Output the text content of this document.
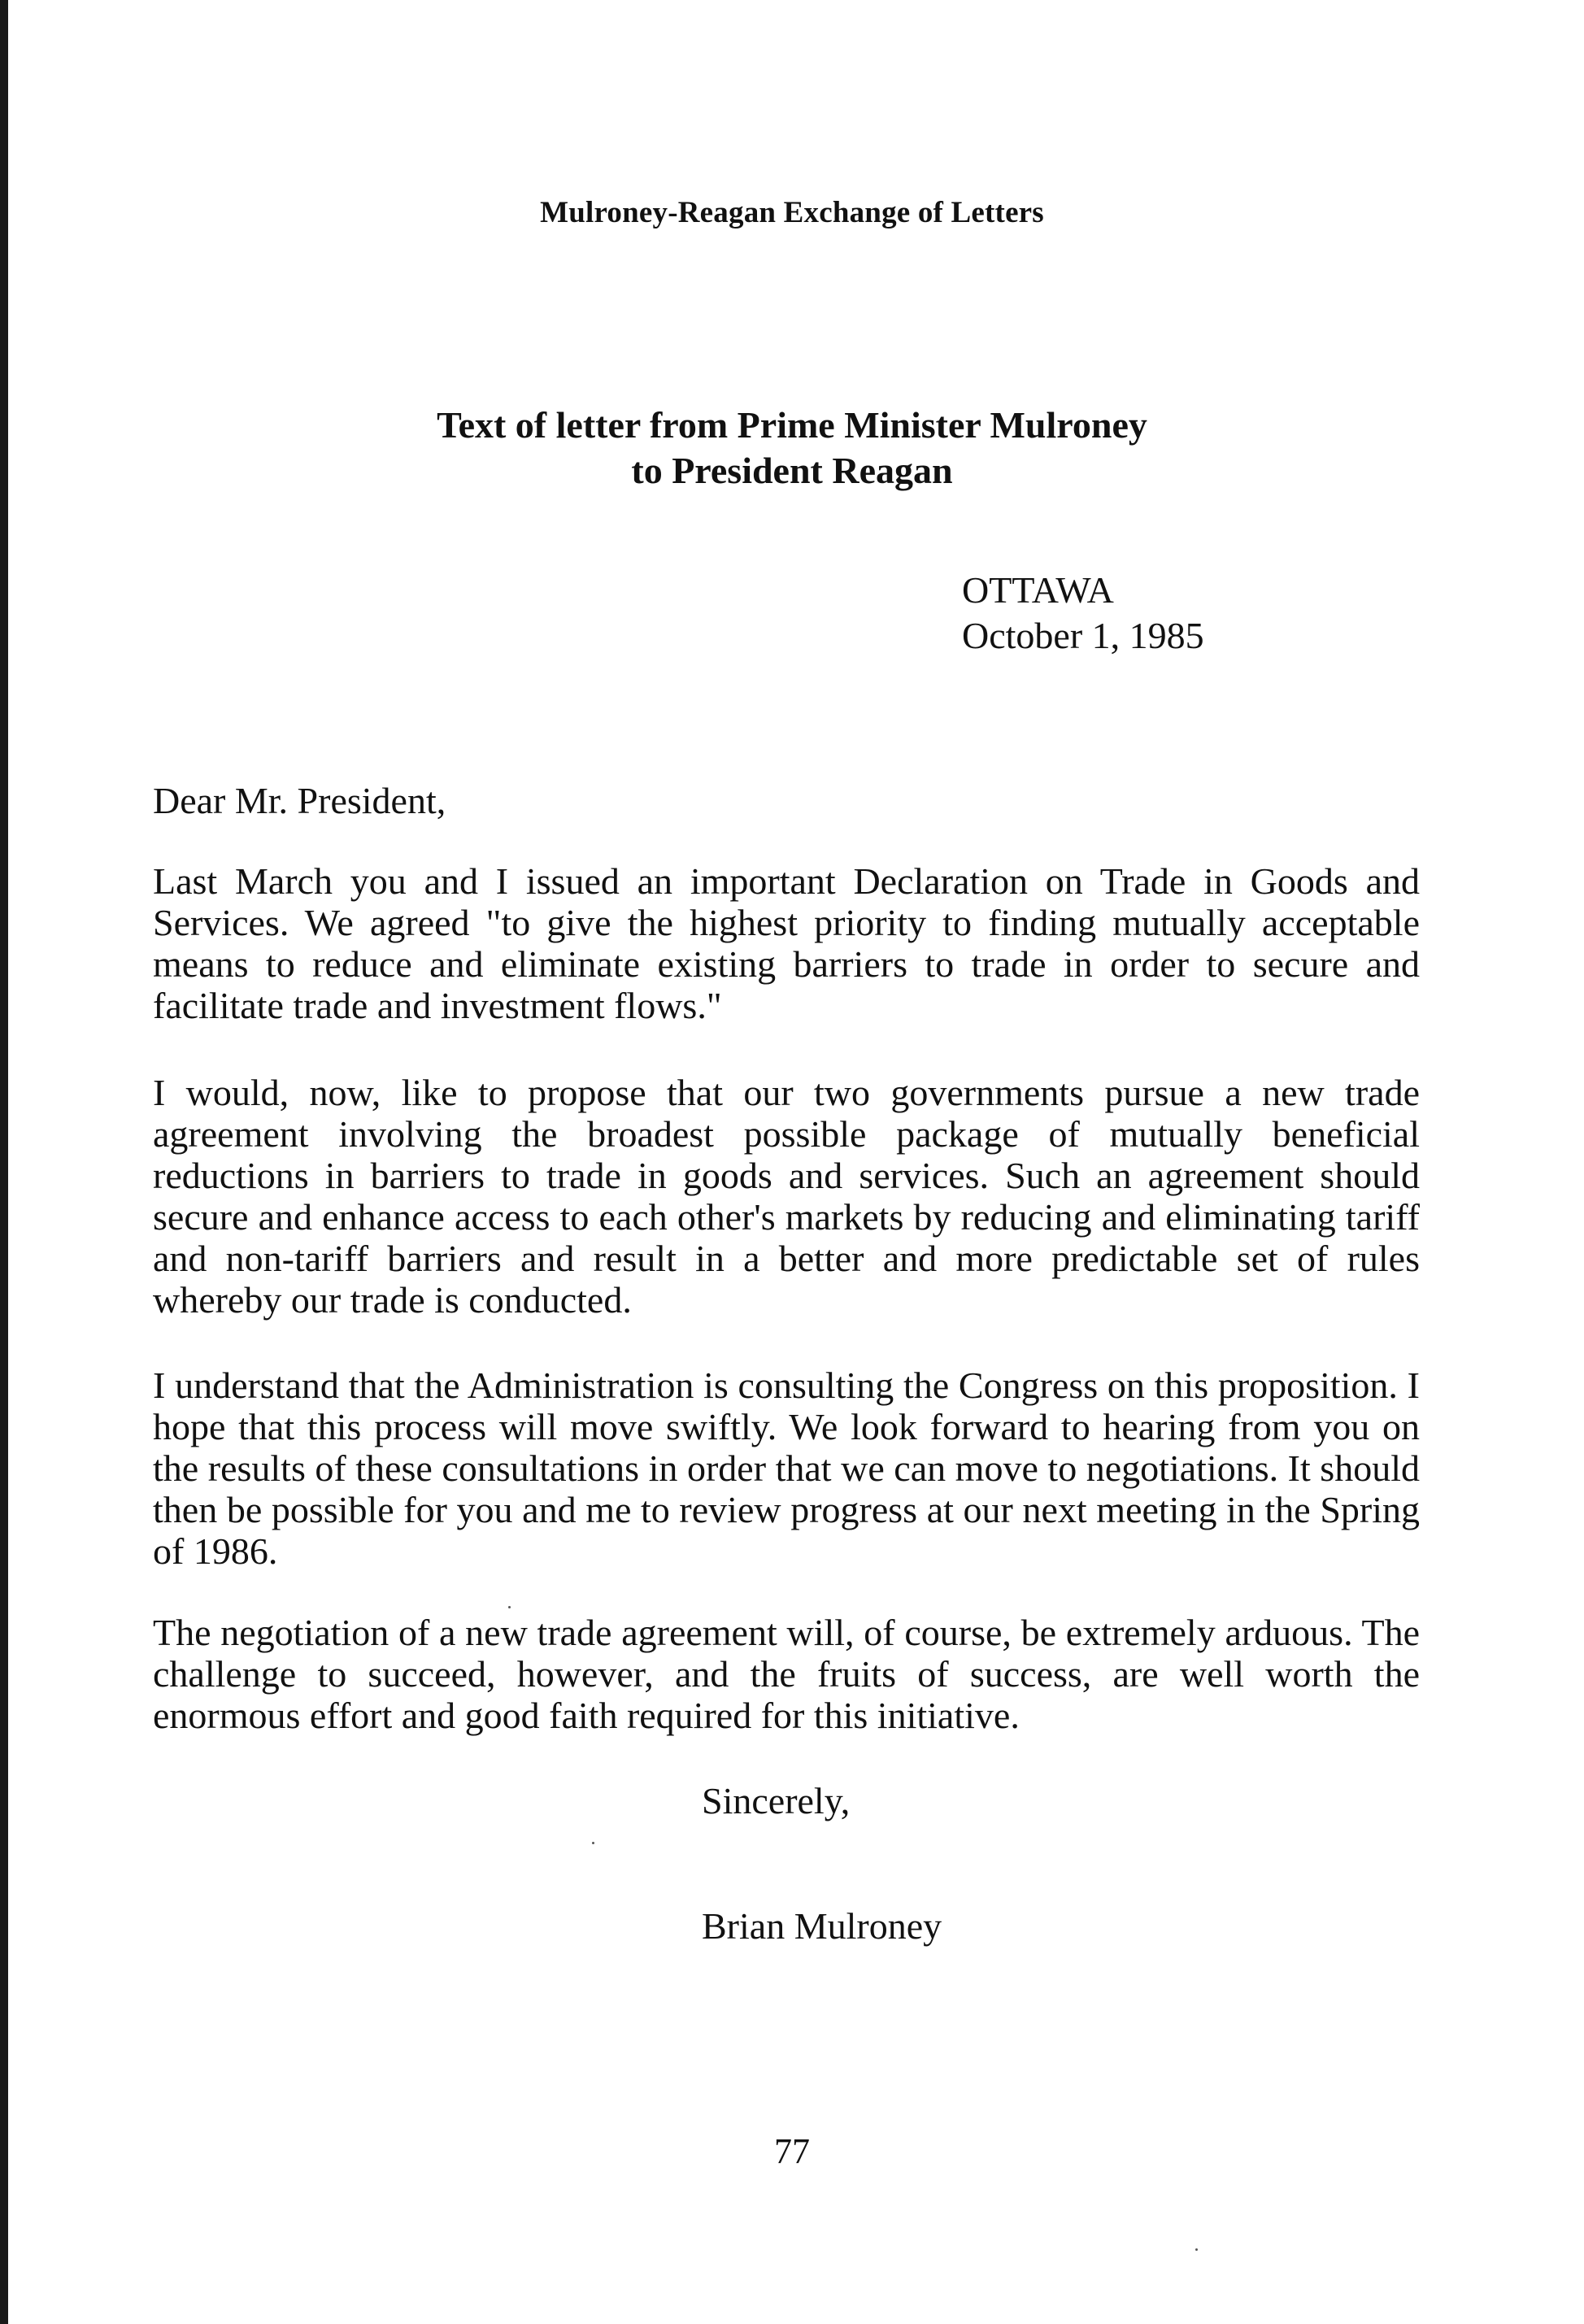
Mulroney-Reagan Exchange of Letters
Text of letter from Prime Minister Mulroney
to President Reagan
OTTAWA
October 1, 1985
Dear Mr. President,
Last March you and I issued an important Declaration on Trade in Goods and Services. We agreed "to give the highest priority to finding mutually acceptable means to reduce and eliminate existing barriers to trade in order to secure and facilitate trade and investment flows."
I would, now, like to propose that our two governments pursue a new trade agreement involving the broadest possible package of mutually beneficial reductions in barriers to trade in goods and services. Such an agreement should secure and enhance access to each other's markets by reducing and eliminating tariff and non-tariff barriers and result in a better and more predictable set of rules whereby our trade is conducted.
I understand that the Administration is consulting the Congress on this proposition. I hope that this process will move swiftly. We look forward to hearing from you on the results of these consultations in order that we can move to negotiations. It should then be possible for you and me to review progress at our next meeting in the Spring of 1986.
The negotiation of a new trade agreement will, of course, be extremely arduous. The challenge to succeed, however, and the fruits of success, are well worth the enormous effort and good faith required for this initiative.
Sincerely,
Brian Mulroney
77
